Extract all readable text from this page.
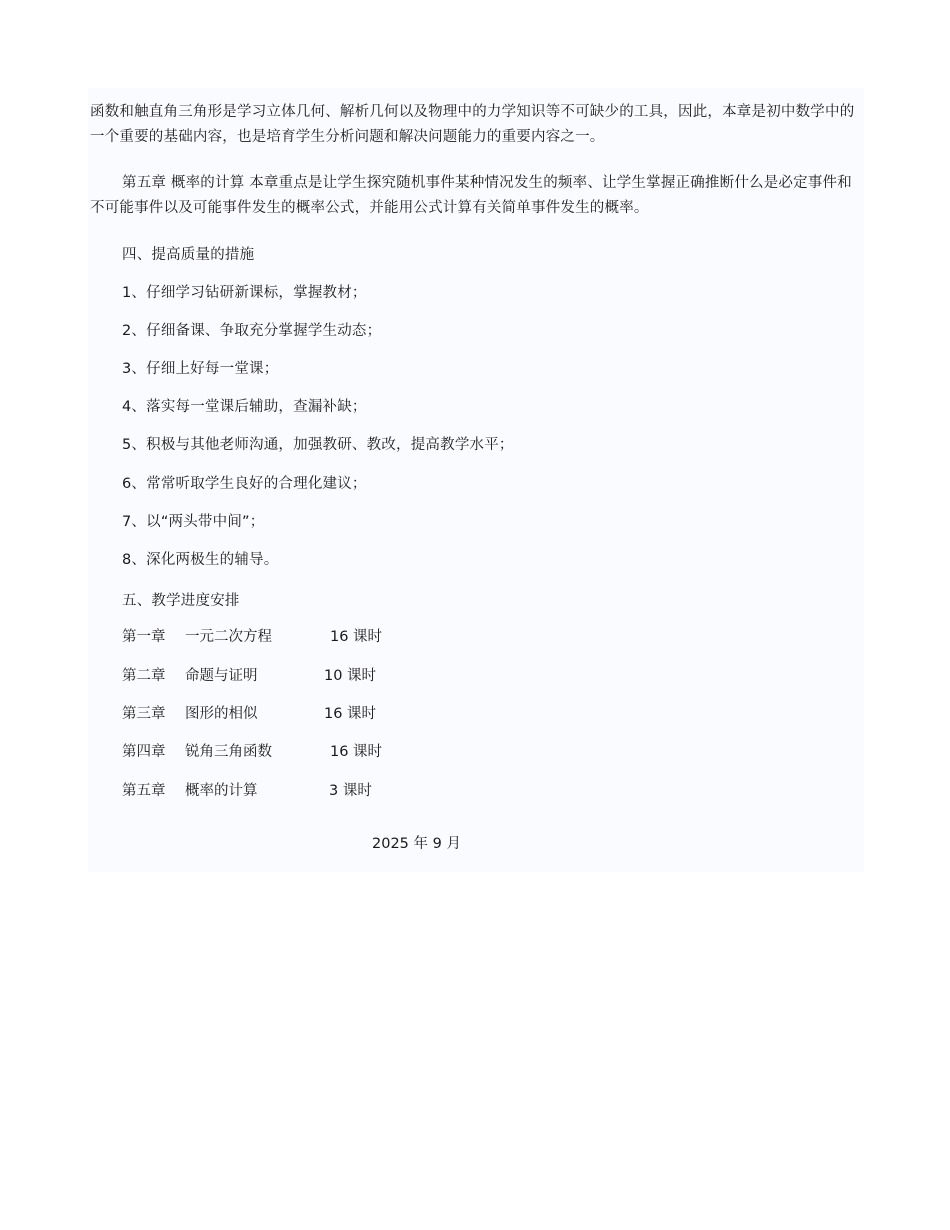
函数和触直角三角形是学习立体几何、解析几何以及物理中的力学知识等不可缺少的工具，因此，本章是初中数学中的一个重要的基础内容，也是培育学生分析问题和解决问题能力的重要内容之一。

第五章 概率的计算 本章重点是让学生探究随机事件某种情况发生的频率、让学生掌握正确推断什么是必定事件和不可能事件以及可能事件发生的概率公式，并能用公式计算有关简单事件发生的概率。

四、提高质量的措施

1、仔细学习钻研新课标，掌握教材；

2、仔细备课、争取充分掌握学生动态；

3、仔细上好每一堂课；

4、落实每一堂课后辅助，查漏补缺；

5、积极与其他老师沟通，加强教研、教改，提高教学水平；

6、常常听取学生良好的合理化建议；

7、以“两头带中间”；

8、深化两极生的辅导。

五、教学进度安排

第一章 一元二次方程	16 课时
第二章 命题与证明	10 课时
第三章 图形的相似	16 课时
第四章 锐角三角函数	16 课时
第五章 概率的计算	3 课时

2025 年 9 月
